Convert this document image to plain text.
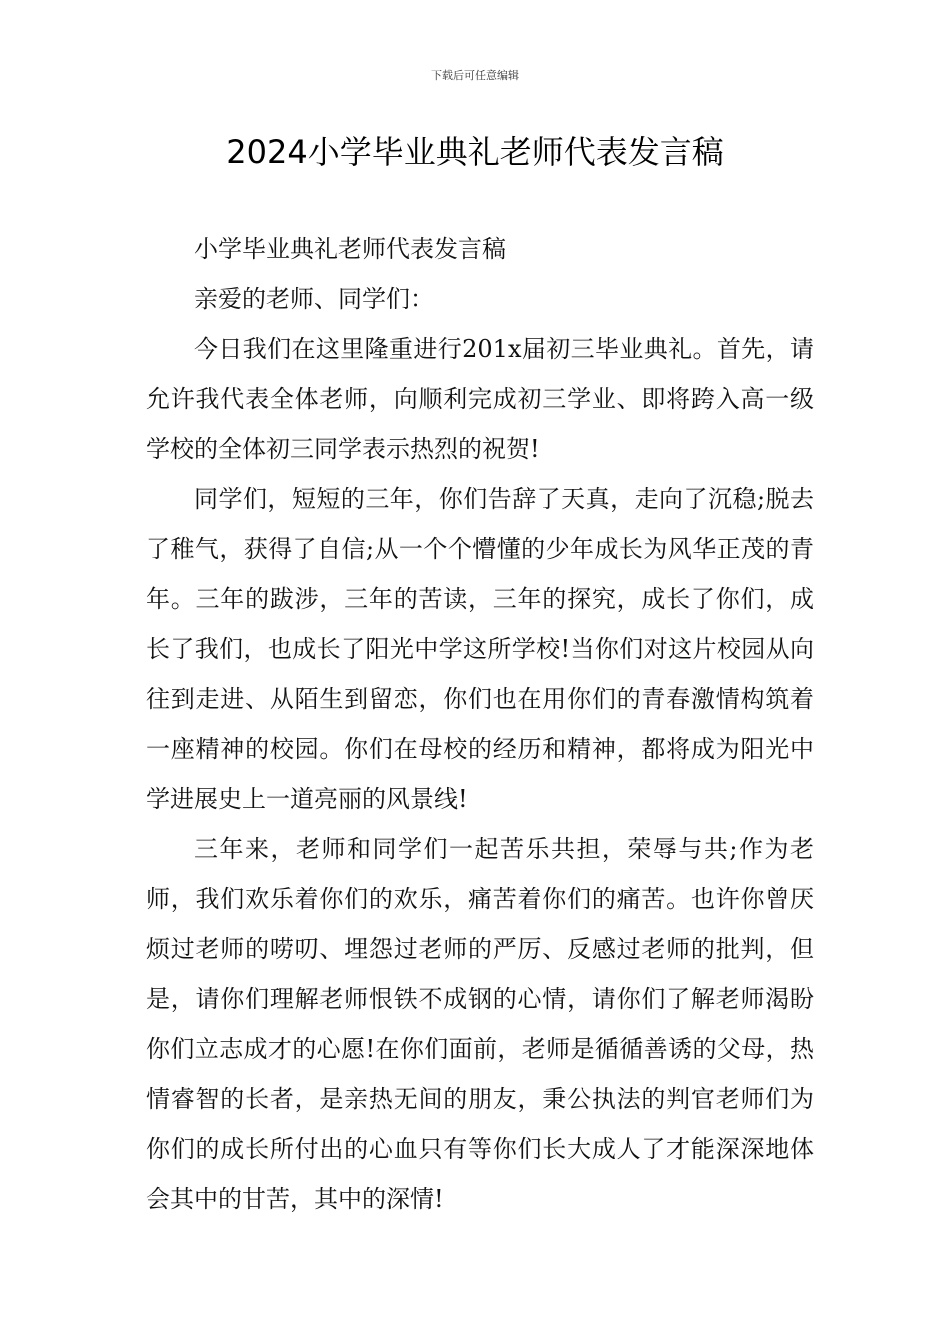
下载后可任意编辑
2024小学毕业典礼老师代表发言稿

小学毕业典礼老师代表发言稿

亲爱的老师、同学们：

今日我们在这里隆重进行201x届初三毕业典礼。首先，请允许我代表全体老师，向顺利完成初三学业、即将跨入高一级学校的全体初三同学表示热烈的祝贺!

同学们，短短的三年，你们告辞了天真，走向了沉稳;脱去了稚气，获得了自信;从一个个懵懂的少年成长为风华正茂的青年。三年的跋涉，三年的苦读，三年的探究，成长了你们，成长了我们，也成长了阳光中学这所学校!当你们对这片校园从向往到走进、从陌生到留恋，你们也在用你们的青春激情构筑着一座精神的校园。你们在母校的经历和精神，都将成为阳光中学进展史上一道亮丽的风景线!

三年来，老师和同学们一起苦乐共担，荣辱与共;作为老师，我们欢乐着你们的欢乐，痛苦着你们的痛苦。也许你曾厌烦过老师的唠叨、埋怨过老师的严厉、反感过老师的批判，但是，请你们理解老师恨铁不成钢的心情，请你们了解老师渴盼你们立志成才的心愿!在你们面前，老师是循循善诱的父母，热情睿智的长者，是亲热无间的朋友，秉公执法的判官老师们为你们的成长所付出的心血只有等你们长大成人了才能深深地体会其中的甘苦，其中的深情!
